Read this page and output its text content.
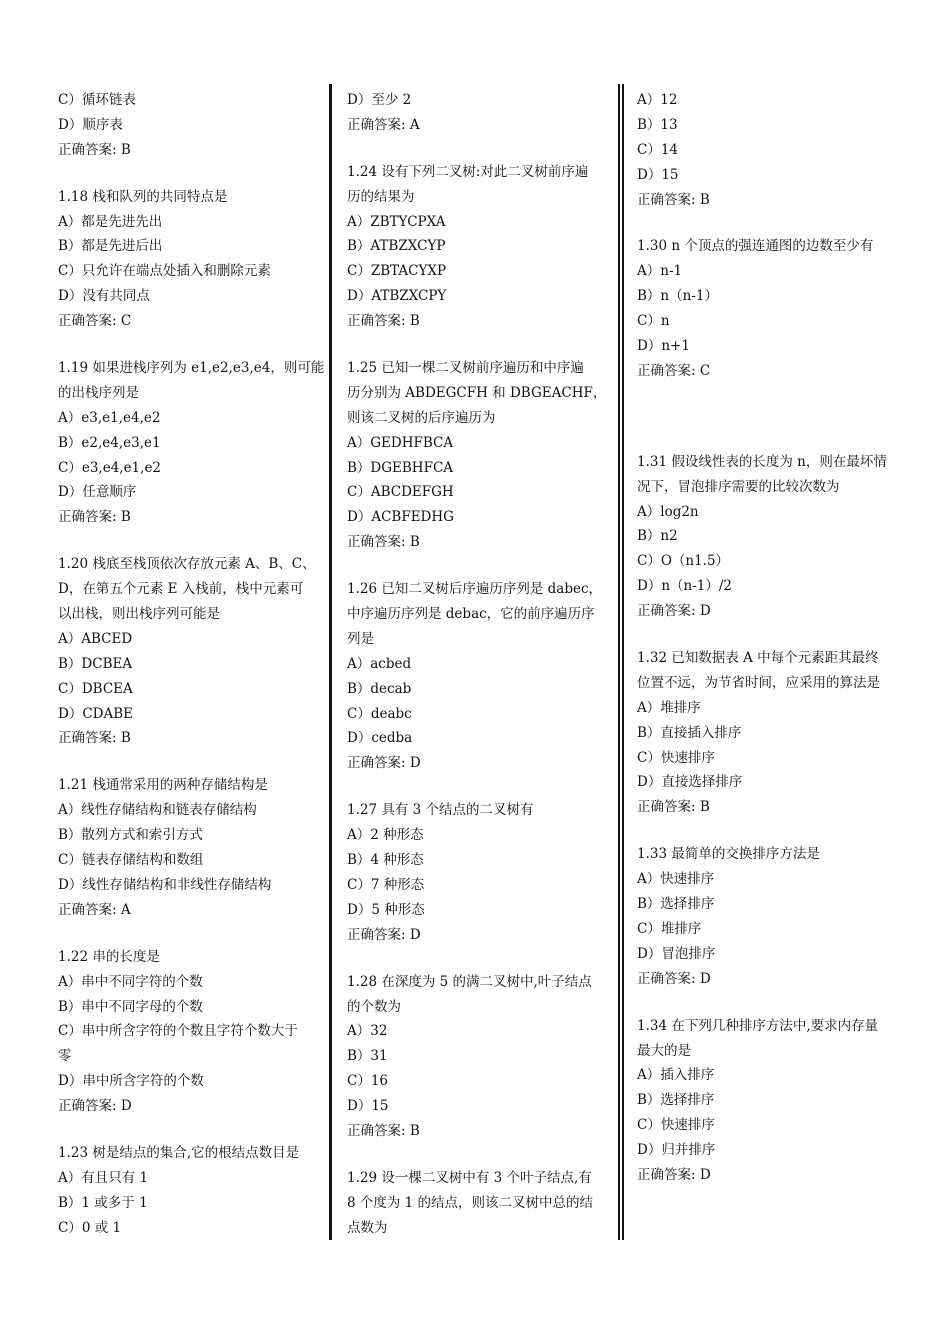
C）循环链表
D）顺序表
正确答案: B
1.18 栈和队列的共同特点是
A）都是先进先出
B）都是先进后出
C）只允许在端点处插入和删除元素
D）没有共同点
正确答案: C
1.19 如果进栈序列为 e1,e2,e3,e4，则可能
的出栈序列是
A）e3,e1,e4,e2
B）e2,e4,e3,e1
C）e3,e4,e1,e2
D）任意顺序
正确答案: B
1.20 栈底至栈顶依次存放元素 A、B、C、
D，在第五个元素 E 入栈前，栈中元素可
以出栈，则出栈序列可能是
A）ABCED
B）DCBEA
C）DBCEA
D）CDABE
正确答案: B
1.21 栈通常采用的两种存储结构是
A）线性存储结构和链表存储结构
B）散列方式和索引方式
C）链表存储结构和数组
D）线性存储结构和非线性存储结构
正确答案: A
1.22 串的长度是
A）串中不同字符的个数
B）串中不同字母的个数
C）串中所含字符的个数且字符个数大于
零
D）串中所含字符的个数
正确答案: D
1.23 树是结点的集合,它的根结点数目是
A）有且只有 1
B）1 或多于 1
C）0 或 1
D）至少 2
正确答案: A
1.24 设有下列二叉树:对此二叉树前序遍
历的结果为
A）ZBTYCPXA
B）ATBZXCYP
C）ZBTACYXP
D）ATBZXCPY
正确答案: B
1.25 已知一棵二叉树前序遍历和中序遍
历分别为 ABDEGCFH 和 DBGEACHF，
则该二叉树的后序遍历为
A）GEDHFBCA
B）DGEBHFCA
C）ABCDEFGH
D）ACBFEDHG
正确答案: B
1.26 已知二叉树后序遍历序列是 dabec，
中序遍历序列是 debac，它的前序遍历序
列是
A）acbed
B）decab
C）deabc
D）cedba
正确答案: D
1.27 具有 3 个结点的二叉树有
A）2 种形态
B）4 种形态
C）7 种形态
D）5 种形态
正确答案: D
1.28 在深度为 5 的满二叉树中,叶子结点
的个数为
A）32
B）31
C）16
D）15
正确答案: B
1.29 设一棵二叉树中有 3 个叶子结点,有
8 个度为 1 的结点，则该二叉树中总的结
点数为
A）12
B）13
C）14
D）15
正确答案: B
1.30 n 个顶点的强连通图的边数至少有
A）n-1
B）n（n-1）
C）n
D）n+1
正确答案: C
1.31 假设线性表的长度为 n，则在最坏情
况下，冒泡排序需要的比较次数为
A）log2n
B）n2
C）O（n1.5）
D）n（n-1）/2
正确答案: D
1.32 已知数据表 A 中每个元素距其最终
位置不远，为节省时间，应采用的算法是
A）堆排序
B）直接插入排序
C）快速排序
D）直接选择排序
正确答案: B
1.33 最简单的交换排序方法是
A）快速排序
B）选择排序
C）堆排序
D）冒泡排序
正确答案: D
1.34 在下列几种排序方法中,要求内存量
最大的是
A）插入排序
B）选择排序
C）快速排序
D）归并排序
正确答案: D
